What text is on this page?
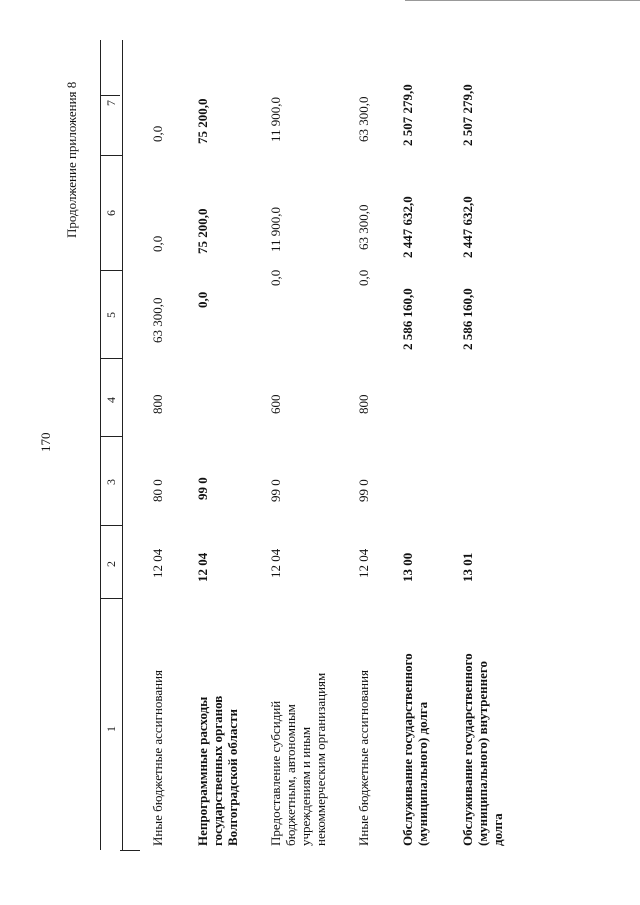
170
Продолжение приложения 8 7
6
5
4
3
2
1 Иные бюджетные ассигнования
12 04
80 0
800
63 300,0
0,0
0,0
Непрограммные расходы государственных органов Волгоградской области
12 04
99 0
0,0
75 200,0
75 200,0
Предоставление субсидий бюджетным, автономным учреждениям и иным некоммерческим организациям
12 04
99 0
600
0,0
11 900,0
11 900,0
Иные бюджетные ассигнования
12 04
99 0
800
0,0
63 300,0
63 300,0
Обслуживание государственного (муниципального) долга
13 00
2 586 160,0
2 447 632,0
2 507 279,0
Обслуживание государственного (муниципального) внутреннего долга
13 01
2 586 160,0
2 447 632,0
2 507 279,0
